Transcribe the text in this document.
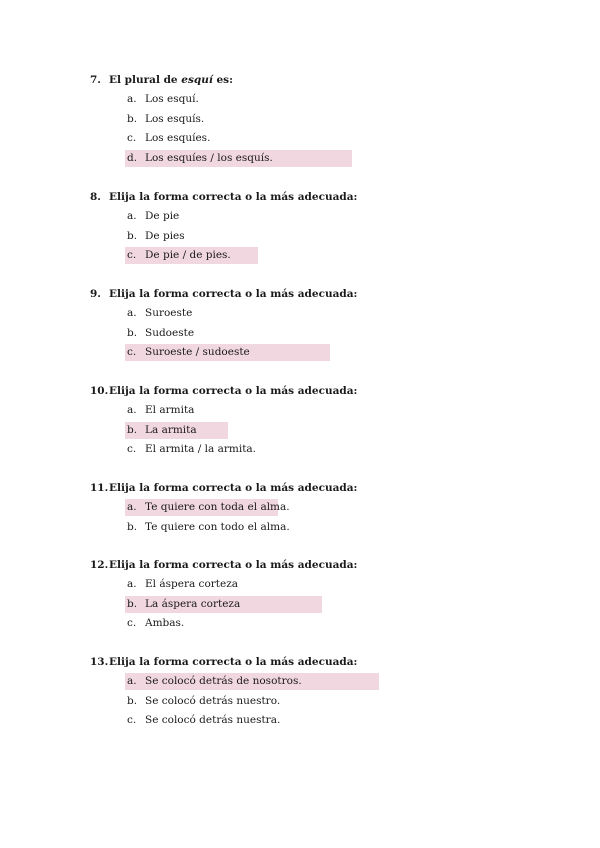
7. El plural de esquí es:
a. Los esquí.
b. Los esquís.
c. Los esquíes.
d. Los esquíes / los esquís.
8. Elija la forma correcta o la más adecuada:
a. De pie
b. De pies
c. De pie / de pies.
9. Elija la forma correcta o la más adecuada:
a. Suroeste
b. Sudoeste
c. Suroeste / sudoeste
10.Elija la forma correcta o la más adecuada:
a. El armita
b. La armita
c. El armita / la armita.
11.Elija la forma correcta o la más adecuada:
a. Te quiere con toda el alma.
b. Te quiere con todo el alma.
12.Elija la forma correcta o la más adecuada:
a. El áspera corteza
b. La áspera corteza
c. Ambas.
13.Elija la forma correcta o la más adecuada:
a. Se colocó detrás de nosotros.
b. Se colocó detrás nuestro.
c. Se colocó detrás nuestra.
